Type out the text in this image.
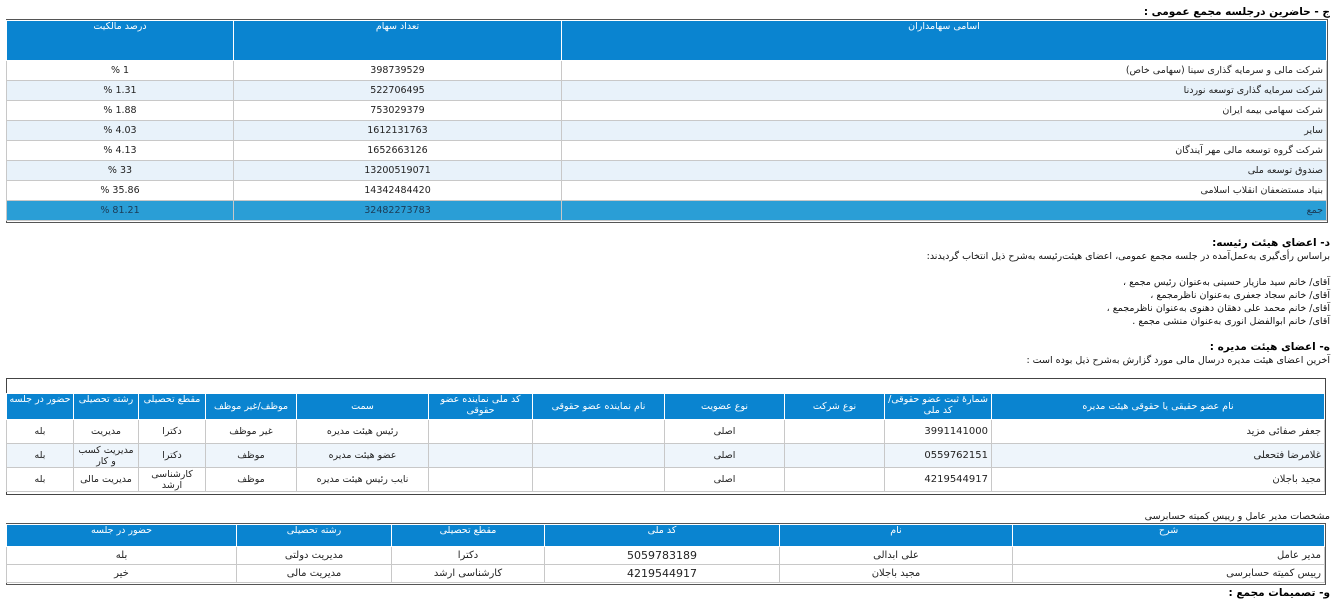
ج - حاضرین درجلسه مجمع عمومی :
اسامی سهامداران	تعداد سهام	درصد مالکیت
شرکت مالی و سرمایه گذاری سینا (سهامی خاص)	398739529	1 %
شرکت سرمایه گذاری توسعه نوردنا	522706495	1.31 %
شرکت سهامی بیمه ایران	753029379	1.88 %
سایر	1612131763	4.03 %
شرکت گروه توسعه مالی مهر آیندگان	1652663126	4.13 %
صندوق توسعه ملی	13200519071	33 %
بنیاد مستضعفان انقلاب اسلامی	14342484420	35.86 %
جمع	32482273783	81.21 %
د- اعضای هیئت رئیسه:
براساس رأی‌گیری به‌عمل‌آمده در جلسه مجمع عمومی، اعضای هیئت‌رئیسه به‌شرح ذیل انتخاب گردیدند:
آقای/ خانم سید مازیار حسینی به‌عنوان رئیس مجمع ،
آقای/ خانم سجاد جعفری به‌عنوان ناظرمجمع ،
آقای/ خانم محمد علی دهقان دهنوی به‌عنوان ناظرمجمع ،
آقای/ خانم ابوالفضل انوری به‌عنوان منشی مجمع .
ه- اعضای هیئت مدیره :
آخرین اعضای هیئت مدیره درسال مالی مورد گزارش به‌شرح ذیل بوده است :
نام عضو حقیقی یا حقوقی هیئت مدیره	شمارهٔ ثبت عضو حقوقی/کد ملی	نوع شرکت	نوع عضویت	نام نماینده عضو حقوقی	کد ملی نماینده عضو حقوقی	سمت	موظف/غیر موظف	مقطع تحصیلی	رشته تحصیلی	حضور در جلسه
جعفر صفائی مزید	3991141000		اصلی			رئیس هیئت مدیره	غیر موظف	دکترا	مدیریت	بله
غلامرضا فتحعلی	0559762151		اصلی			عضو هیئت مدیره	موظف	دکترا	مدیریت کسب و کار	بله
مجید باجلان	4219544917		اصلی			نایب رئیس هیئت مدیره	موظف	کارشناسی ارشد	مدیریت مالی	بله
مشخصات مدیر عامل و رییس کمیته حسابرسی
شرح	نام	کد ملی	مقطع تحصیلی	رشته تحصیلی	حضور در جلسه
مدیر عامل	علی ابدالی	5059783189	دکترا	مدیریت دولتی	بله
رییس کمیته حسابرسی	مجید باجلان	4219544917	کارشناسی ارشد	مدیریت مالی	خیر
و- تصمیمات مجمع :
